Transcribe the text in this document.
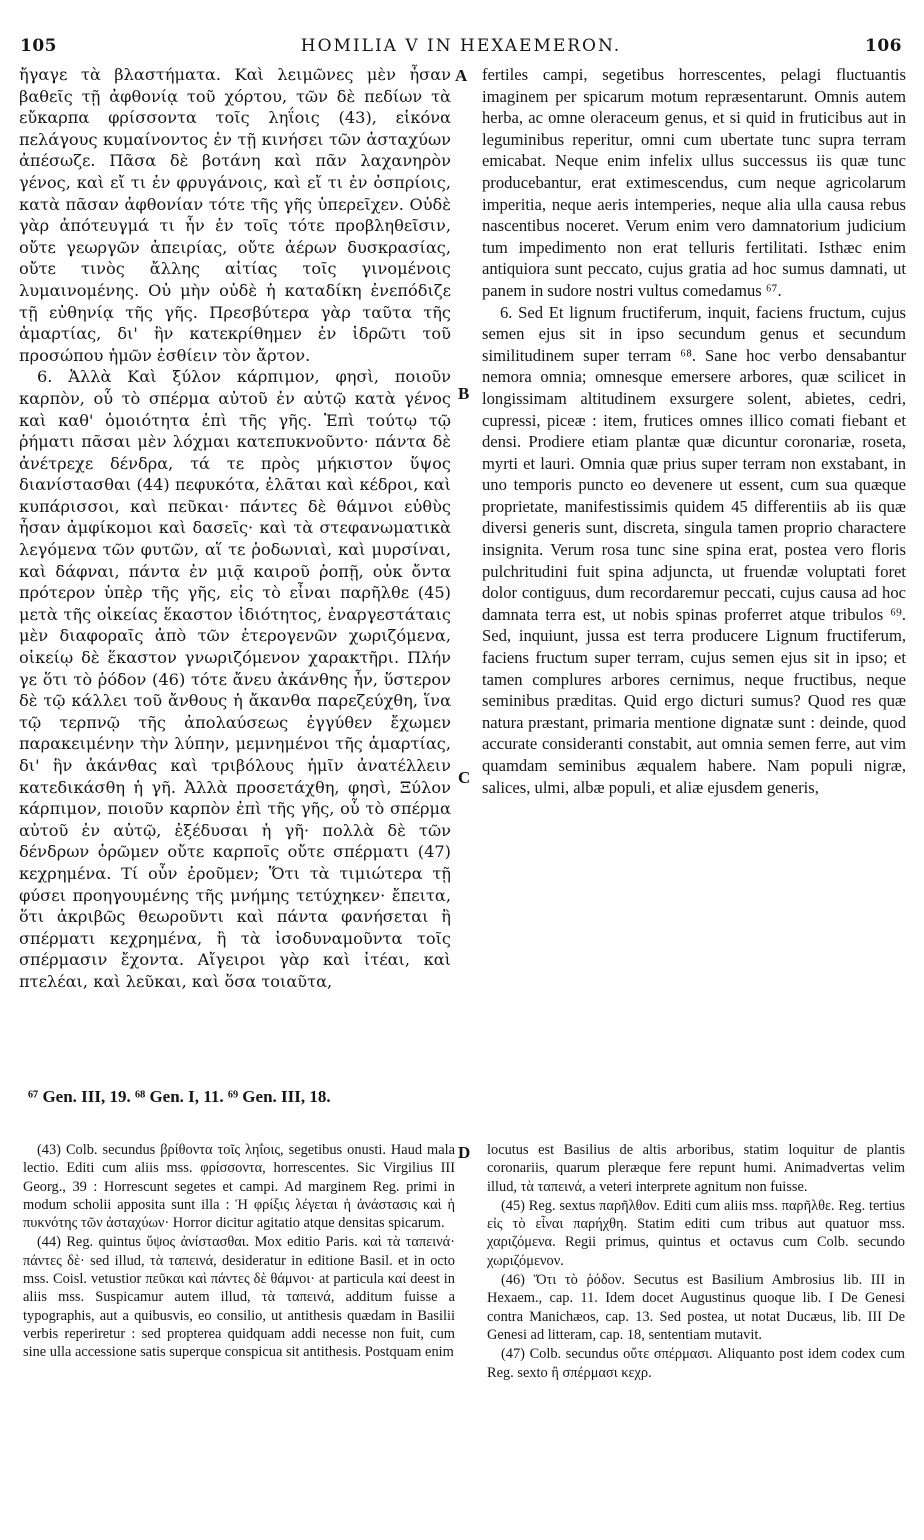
105	HOMILIA V IN HEXAEMERON.	106

ἤγαγε τὰ βλαστήματα. Καὶ λειμῶνες μὲν ἦσαν βαθεῖς τῇ ἀφθονίᾳ τοῦ χόρτου, τῶν δὲ πεδίων τὰ εὔκαρπα φρίσσοντα τοῖς ληΐοις (43), εἰκόνα πελάγους κυμαίνοντος ἐν τῇ κινήσει τῶν ἀσταχύων ἀπέσωζε. Πᾶσα δὲ βοτάνη καὶ πᾶν λαχανηρὸν γένος, καὶ εἴ τι ἐν φρυγάνοις, καὶ εἴ τι ἐν ὀσπρίοις, κατὰ πᾶσαν ἀφθονίαν τότε τῆς γῆς ὑπερεῖχεν. Οὐδὲ γὰρ ἀπότευγμά τι ἦν ἐν τοῖς τότε προβληθεῖσιν, οὔτε γεωργῶν ἀπειρίας, οὔτε ἀέρων δυσκρασίας, οὔτε τινὸς ἄλλης αἰτίας τοῖς γινομένοις λυμαινομένης. Οὐ μὴν οὐδὲ ἡ καταδίκη ἐνεπόδιζε τῇ εὐθηνίᾳ τῆς γῆς. Πρεσβύτερα γὰρ ταῦτα τῆς ἁμαρτίας, δι' ἣν κατεκρίθημεν ἐν ἱδρῶτι τοῦ προσώπου ἡμῶν ἐσθίειν τὸν ἄρτον.

6. Ἀλλὰ Καὶ ξύλον κάρπιμον, φησὶ, ποιοῦν καρπὸν, οὗ τὸ σπέρμα αὐτοῦ ἐν αὐτῷ κατὰ γένος καὶ καθ' ὁμοιότητα ἐπὶ τῆς γῆς. Ἐπὶ τούτῳ τῷ ῥήματι πᾶσαι μὲν λόχμαι κατεπυκνοῦντο· πάντα δὲ ἀνέτρεχε δένδρα, τά τε πρὸς μήκιστον ὕψος διανίστασθαι (44) πεφυκότα, ἐλᾶται καὶ κέδροι, καὶ κυπάρισσοι, καὶ πεῦκαι· πάντες δὲ θάμνοι εὐθὺς ἦσαν ἀμφίκομοι καὶ δασεῖς· καὶ τὰ στεφανωματικὰ λεγόμενα τῶν φυτῶν, αἵ τε ῥοδωνιαὶ, καὶ μυρσίναι, καὶ δάφναι, πάντα ἐν μιᾷ καιροῦ ῥοπῇ, οὐκ ὄντα πρότερον ὑπὲρ τῆς γῆς, εἰς τὸ εἶναι παρῆλθε (45) μετὰ τῆς οἰκείας ἕκαστον ἰδιότητος, ἐναργεστάταις μὲν διαφοραῖς ἀπὸ τῶν ἑτερογενῶν χωριζόμενα, οἰκείῳ δὲ ἕκαστον γνωριζόμενον χαρακτῆρι. Πλήν γε ὅτι τὸ ῥόδον (46) τότε ἄνευ ἀκάνθης ἦν, ὕστερον δὲ τῷ κάλλει τοῦ ἄνθους ἡ ἄκανθα παρεζεύχθη, ἵνα τῷ τερπνῷ τῆς ἀπολαύσεως ἐγγύθεν ἔχωμεν παρακειμένην τὴν λύπην, μεμνημένοι τῆς ἁμαρτίας, δι' ἣν ἀκάνθας καὶ τριβόλους ἡμῖν ἀνατέλλειν κατεδικάσθη ἡ γῆ. Ἀλλὰ προσετάχθη, φησὶ, Ξύλον κάρπιμον, ποιοῦν καρπὸν ἐπὶ τῆς γῆς, οὗ τὸ σπέρμα αὐτοῦ ἐν αὐτῷ, ἐξέδυσαι ἡ γῆ· πολλὰ δὲ τῶν δένδρων ὁρῶμεν οὔτε καρποῖς οὔτε σπέρματι (47) κεχρημένα. Τί οὖν ἐροῦμεν; Ὅτι τὰ τιμιώτερα τῇ φύσει προηγουμένης τῆς μνήμης τετύχηκεν· ἔπειτα, ὅτι ἀκριβῶς θεωροῦντι καὶ πάντα φανήσεται ἢ σπέρματι κεχρημένα, ἢ τὰ ἰσοδυναμοῦντα τοῖς σπέρμασιν ἔχοντα. Αἴγειροι γὰρ καὶ ἰτέαι, καὶ πτελέαι, καὶ λεῦκαι, καὶ ὅσα τοιαῦτα,

A
B
C
D

fertiles campi, segetibus horrescentes, pelagi fluctuantis imaginem per spicarum motum repræsentarunt. Omnis autem herba, ac omne oleraceum genus, et si quid in fruticibus aut in leguminibus reperitur, omni cum ubertate tunc supra terram emicabat. Neque enim infelix ullus successus iis quæ tunc producebantur, erat extimescendus, cum neque agricolarum imperitia, neque aeris intemperies, neque alia ulla causa rebus nascentibus noceret. Verum enim vero damnatorium judicium tum impedimento non erat telluris fertilitati. Isthæc enim antiquiora sunt peccato, cujus gratia ad hoc sumus damnati, ut panem in sudore nostri vultus comedamus ⁶⁷.

6. Sed Et lignum fructiferum, inquit, faciens fructum, cujus semen ejus sit in ipso secundum genus et secundum similitudinem super terram ⁶⁸. Sane hoc verbo densabantur nemora omnia; omnesque emersere arbores, quæ scilicet in longissimam altitudinem exsurgere solent, abietes, cedri, cupressi, piceæ : item, frutices omnes illico comati fiebant et densi. Prodiere etiam plantæ quæ dicuntur coronariæ, roseta, myrti et lauri. Omnia quæ prius super terram non exstabant, in uno temporis puncto eo devenere ut essent, cum sua quæque proprietate, manifestissimis quidem 45 differentiis ab iis quæ diversi generis sunt, discreta, singula tamen proprio charactere insignita. Verum rosa tunc sine spina erat, postea vero floris pulchritudini fuit spina adjuncta, ut fruendæ voluptati foret dolor contiguus, dum recordaremur peccati, cujus causa ad hoc damnata terra est, ut nobis spinas proferret atque tribulos ⁶⁹. Sed, inquiunt, jussa est terra producere Lignum fructiferum, faciens fructum super terram, cujus semen ejus sit in ipso; et tamen complures arbores cernimus, neque fructibus, neque seminibus præditas. Quid ergo dicturi sumus? Quod res quæ natura præstant, primaria mentione dignatæ sunt : deinde, quod accurate consideranti constabit, aut omnia semen ferre, aut vim quamdam seminibus æqualem habere. Nam populi nigræ, salices, ulmi, albæ populi, et aliæ ejusdem generis,

⁶⁷ Gen. III, 19. ⁶⁸ Gen. I, 11. ⁶⁹ Gen. III, 18.

(43) Colb. secundus βρίθοντα τοῖς ληΐοις, segetibus onusti. Haud mala lectio. Editi cum aliis mss. φρίσσοντα, horrescentes. Sic Virgilius III Georg., 39 : Horrescunt segetes et campi. Ad marginem Reg. primi in modum scholii apposita sunt illa : Ἡ φρίξις λέγεται ἡ ἀνάστασις καὶ ἡ πυκνότης τῶν ἀσταχύων· Horror dicitur agitatio atque densitas spicarum.

(44) Reg. quintus ὕψος ἀνίστασθαι. Mox editio Paris. καὶ τὰ ταπεινά· πάντες δὲ· sed illud, τὰ ταπεινά, desideratur in editione Basil. et in octo mss. Coisl. vetustior πεῦκαι καὶ πάντες δὲ θάμνοι· at particula καί deest in aliis mss. Suspicamur autem illud, τὰ ταπεινά, additum fuisse a typographis, aut a quibusvis, eo consilio, ut antithesis quædam in Basilii verbis reperiretur : sed propterea quidquam addi necesse non fuit, cum sine ulla accessione satis superque conspicua sit antithesis. Postquam enim

locutus est Basilius de altis arboribus, statim loquitur de plantis coronariis, quarum pleræque fere repunt humi. Animadvertas velim illud, τὰ ταπεινά, a veteri interprete agnitum non fuisse.

(45) Reg. sextus παρῆλθον. Editi cum aliis mss. παρῆλθε. Reg. tertius εἰς τὸ εἶναι παρήχθη. Statim editi cum tribus aut quatuor mss. χαριζόμενα. Regii primus, quintus et octavus cum Colb. secundo χωριζόμενον.

(46) Ὅτι τὸ ῥόδον. Secutus est Basilium Ambrosius lib. III in Hexaem., cap. 11. Idem docet Augustinus quoque lib. I De Genesi contra Manichæos, cap. 13. Sed postea, ut notat Ducæus, lib. III De Genesi ad litteram, cap. 18, sententiam mutavit.

(47) Colb. secundus οὔτε σπέρμασι. Aliquanto post idem codex cum Reg. sexto ἢ σπέρμασι κεχρ.
